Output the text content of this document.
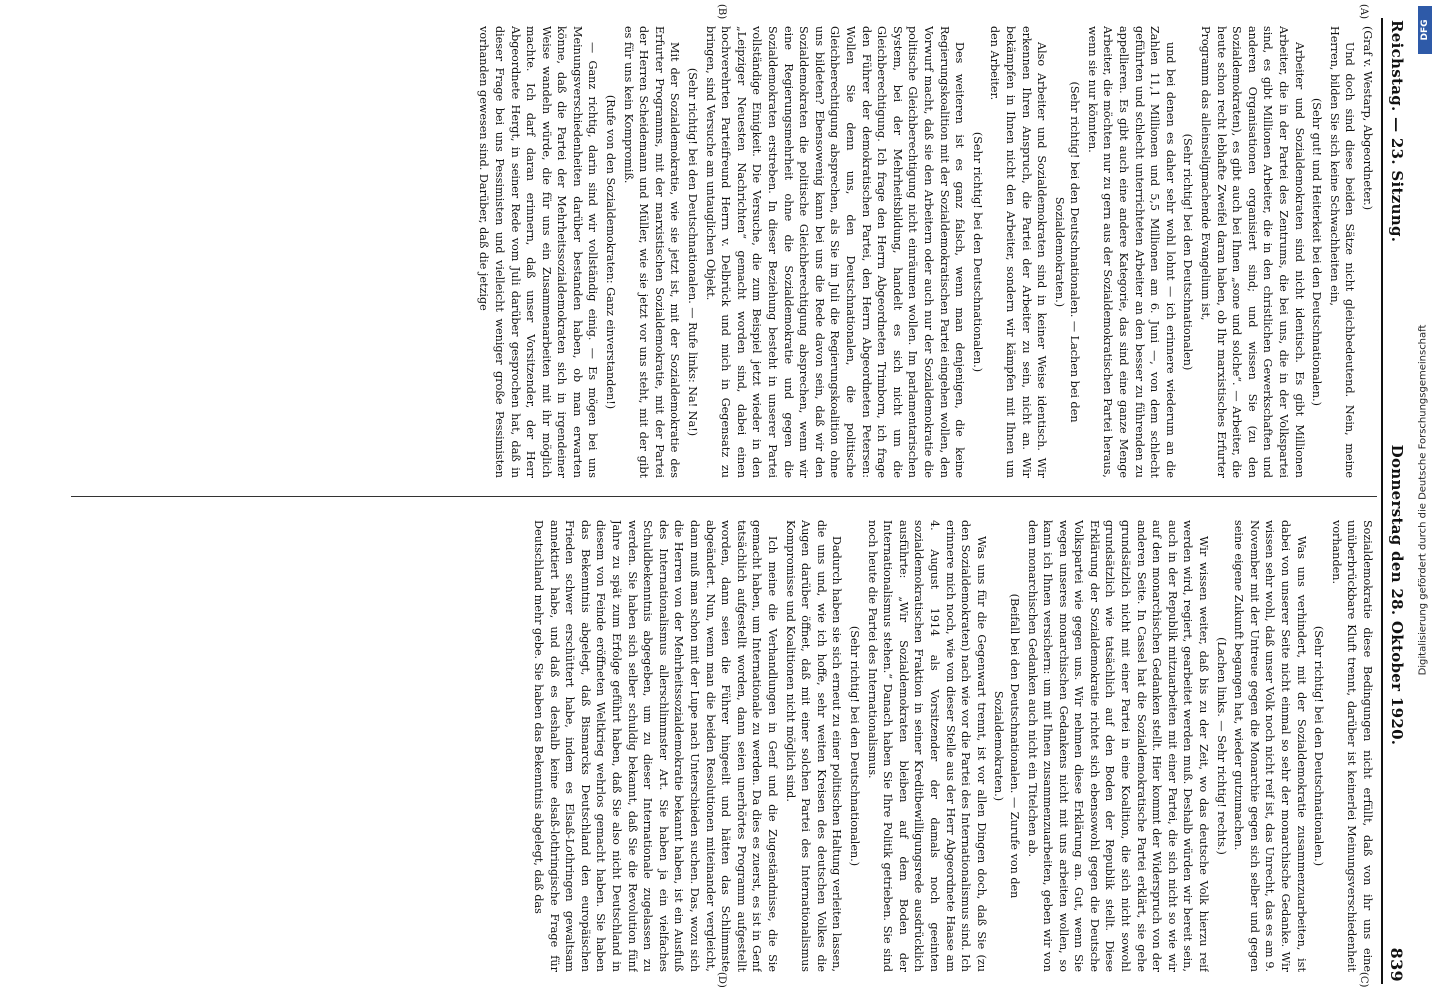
Reichstag. — 23. Sitzung.
Donnerstag den 28. Oktober 1920.
839
(A)
(B)
(C)
(D)

(Graf v. Westarp, Abgeordneter.)

Und doch sind diese beiden Sätze nicht gleichbedeutend. Nein, meine Herren, bilden Sie sich keine Schwachheiten ein,

(Sehr gut! und Heiterkeit bei den Deutschnationalen.)

Arbeiter und Sozialdemokraten sind nicht identisch. Es gibt Millionen Arbeiter, die in der Partei des Zentrums, die bei uns, die in der Volkspartei sind, es gibt Millionen Arbeiter, die in den christlichen Gewerkschaften und anderen Organisationen organisiert sind; und wissen Sie (zu den Sozialdemokraten), es gibt auch bei Ihnen „sone und solche“. — Arbeiter, die heute schon recht lebhafte Zweifel daran haben, ob Ihr marxistisches Erfurter Programm das alleinseligmachende Evangelium ist,

(Sehr richtig! bei den Deutschnationalen)

und bei denen es daher sehr wohl lohnt — ich erinnere wiederum an die Zahlen 11,1 Millionen und 5,5 Millionen am 6. Juni —, von dem schlecht geführten und schlecht unterrichteten Arbeiter an den besser zu führenden zu appellieren. Es gibt auch eine andere Kategorie, das sind eine ganze Menge Arbeiter, die möchten nur zu gern aus der Sozialdemokratischen Partei heraus, wenn sie nur könnten.

(Sehr richtig! bei den Deutschnationalen. — Lachen bei den Sozialdemokraten.)

Also Arbeiter und Sozialdemokraten sind in keiner Weise identisch. Wir erkennen Ihren Anspruch, die Partei der Arbeiter zu sein, nicht an. Wir bekämpfen in Ihnen nicht den Arbeiter, sondern wir kämpfen mit Ihnen um den Arbeiter.

(Sehr richtig! bei den Deutschnationalen.)

Des weiteren ist es ganz falsch, wenn man denjenigen, die keine Regierungskoalition mit der Sozialdemokratischen Partei eingehen wollen, den Vorwurf macht, daß sie den Arbeitern oder auch nur der Sozialdemokratie die politische Gleichberechtigung nicht einräumen wollen. Im parlamentarischen System, bei der Mehrheitsbildung, handelt es sich nicht um die Gleichberechtigung. Ich frage den Herrn Abgeordneten Trimborn, ich frage den Führer der demokratischen Partei, den Herrn Abgeordneten Petersen: Wollen Sie denn uns, den Deutschnationalen, die politische Gleichberechtigung absprechen, als Sie im Juli die Regierungskoalition ohne uns bildeten? Ebensowenig kann bei uns die Rede davon sein, daß wir den Sozialdemokraten die politische Gleichberechtigung absprechen, wenn wir eine Regierungsmehrheit ohne die Sozialdemokratie und gegen die Sozialdemokraten erstreben. In dieser Beziehung besteht in unserer Partei vollständige Einigkeit. Die Versuche, die zum Beispiel jetzt wieder in den „Leipziger Neuesten Nachrichten“ gemacht worden sind, dabei einen hochverehrten Parteifreund Herrn v. Delbrück und mich in Gegensatz zu bringen, sind Versuche am untauglichen Objekt.

(Sehr richtig! bei den Deutschnationalen. — Rufe links: Na! Na!)

Mit der Sozialdemokratie, wie sie jetzt ist, mit der Sozialdemokratie des Erfurter Programms, mit der marxistischen Sozialdemokratie, mit der Partei der Herren Scheidemann und Müller, wie sie jetzt vor uns steht, mit der gibt es für uns kein Kompromiß.

(Rufe von den Sozialdemokraten: Ganz einverstanden!)

— Ganz richtig, darin sind wir vollständig einig. — Es mögen bei uns Meinungsverschiedenheiten darüber bestanden haben, ob man erwarten könne, daß die Partei der Mehrheitssozialdemokraten sich in irgendeiner Weise wandeln würde, die für uns ein Zusammenarbeiten mit ihr möglich machte. Ich darf daran erinnern, daß unser Vorsitzender, der Herr Abgeordnete Hergt, in seiner Rede vom Juli darüber gesprochen hat, daß in dieser Frage bei uns Pessimisten und vielleicht weniger große Pessimisten vorhanden gewesen sind. Darüber, daß die jetzige

Sozialdemokratie diese Bedingungen nicht erfüllt, daß von ihr uns eine unüberbrückbare Kluft trennt, darüber ist keinerlei Meinungsverschiedenheit vorhanden.

(Sehr richtig! bei den Deutschnationalen.)

Was uns verhindert, mit der Sozialdemokratie zusammenzuarbeiten, ist dabei von unserer Seite nicht einmal so sehr der monarchische Gedanke. Wir wissen sehr wohl, daß unser Volk noch nicht reif ist, das Unrecht, das es am 9. November mit der Untreue gegen die Monarchie gegen sich selber und gegen seine eigene Zukunft begangen hat, wieder gutzumachen.

(Lachen links. — Sehr richtig! rechts.)

Wir wissen weiter, daß bis zu der Zeit, wo das deutsche Volk hierzu reif werden wird, regiert, gearbeitet werden muß. Deshalb würden wir bereit sein, auch in der Republik mitzuarbeiten mit einer Partei, die sich nicht so wie wir auf den monarchischen Gedanken stellt. Hier kommt der Widerspruch von der anderen Seite. In Cassel hat die Sozialdemokratische Partei erklärt, sie gehe grundsätzlich nicht mit einer Partei in eine Koalition, die sich nicht sowohl grundsätzlich wie tatsächlich auf den Boden der Republik stellt. Diese Erklärung der Sozialdemokratie richtet sich ebensowohl gegen die Deutsche Volkspartei wie gegen uns. Wir nehmen diese Erklärung an. Gut, wenn Sie wegen unseres monarchischen Gedankens nicht mit uns arbeiten wollen, so kann ich Ihnen versichern: um mit Ihnen zusammenzuarbeiten, geben wir von dem monarchischen Gedanken auch nicht ein Titelchen ab.

(Beifall bei den Deutschnationalen. — Zurufe von den Sozialdemokraten.)

Was uns für die Gegenwart trennt, ist vor allen Dingen doch, daß Sie (zu den Sozialdemokraten) nach wie vor die Partei des Internationalismus sind. Ich erinnere mich noch, wie von dieser Stelle aus der Herr Abgeordnete Haase am 4. August 1914 als Vorsitzender der damals noch geeinten sozialdemokratischen Fraktion in seiner Kreditbewilligungsrede ausdrücklich ausführte: „Wir Sozialdemokraten bleiben auf dem Boden der Internationalismus stehen.“ Danach haben Sie Ihre Politik getrieben. Sie sind noch heute die Partei des Internationalismus.

(Sehr richtig! bei den Deutschnationalen.)

Dadurch haben sie sich erneut zu einer politischen Haltung verleiten lassen, die uns und, wie ich hoffe, sehr weiten Kreisen des deutschen Volkes die Augen darüber öffnet, daß mit einer solchen Partei des Internationalismus Kompromisse und Koalitionen nicht möglich sind.

Ich meine die Verhandlungen in Genf und die Zugeständnisse, die Sie gemacht haben, um Internationale zu werden. Da dies es zuerst, es ist in Genf tatsächlich aufgestellt worden, dann seien unerhörtes Programm aufgestellt worden, dann seien die Führer hingeeilt und hätten das Schlimmste abgeändert. Nun, wenn man die beiden Resolutionen miteinander vergleicht, dann muß man schon mit der Lupe nach Unterschieden suchen. Das, wozu sich die Herren von der Mehrheitssozialdemokratie bekannt haben, ist ein Ausfluß des Internationalismus allerschlimmster Art. Sie haben ja ein vielfaches Schuldbekenntnis abgegeben, um zu dieser Internationale zugelassen zu werden. Sie haben sich selber schuldig bekannt, daß Sie die Revolution fünf Jahre zu spät zum Erfolge geführt haben, daß Sie also nicht Deutschland in diesem von Feinde eröffneten Weltkrieg wehrlos gemacht haben. Sie haben das Bekenntnis abgelegt, daß Bismarcks Deutschland den europäischen Frieden schwer erschüttert habe, indem es Elsaß-Lothringen gewaltsam annektiert habe, und daß es deshalb keine elsaß-lothringische Frage für Deutschland mehr gebe. Sie haben das Bekenntnis abgelegt, daß das

DFG
Digitalisierung gefördert durch die Deutsche Forschungsgemeinschaft
